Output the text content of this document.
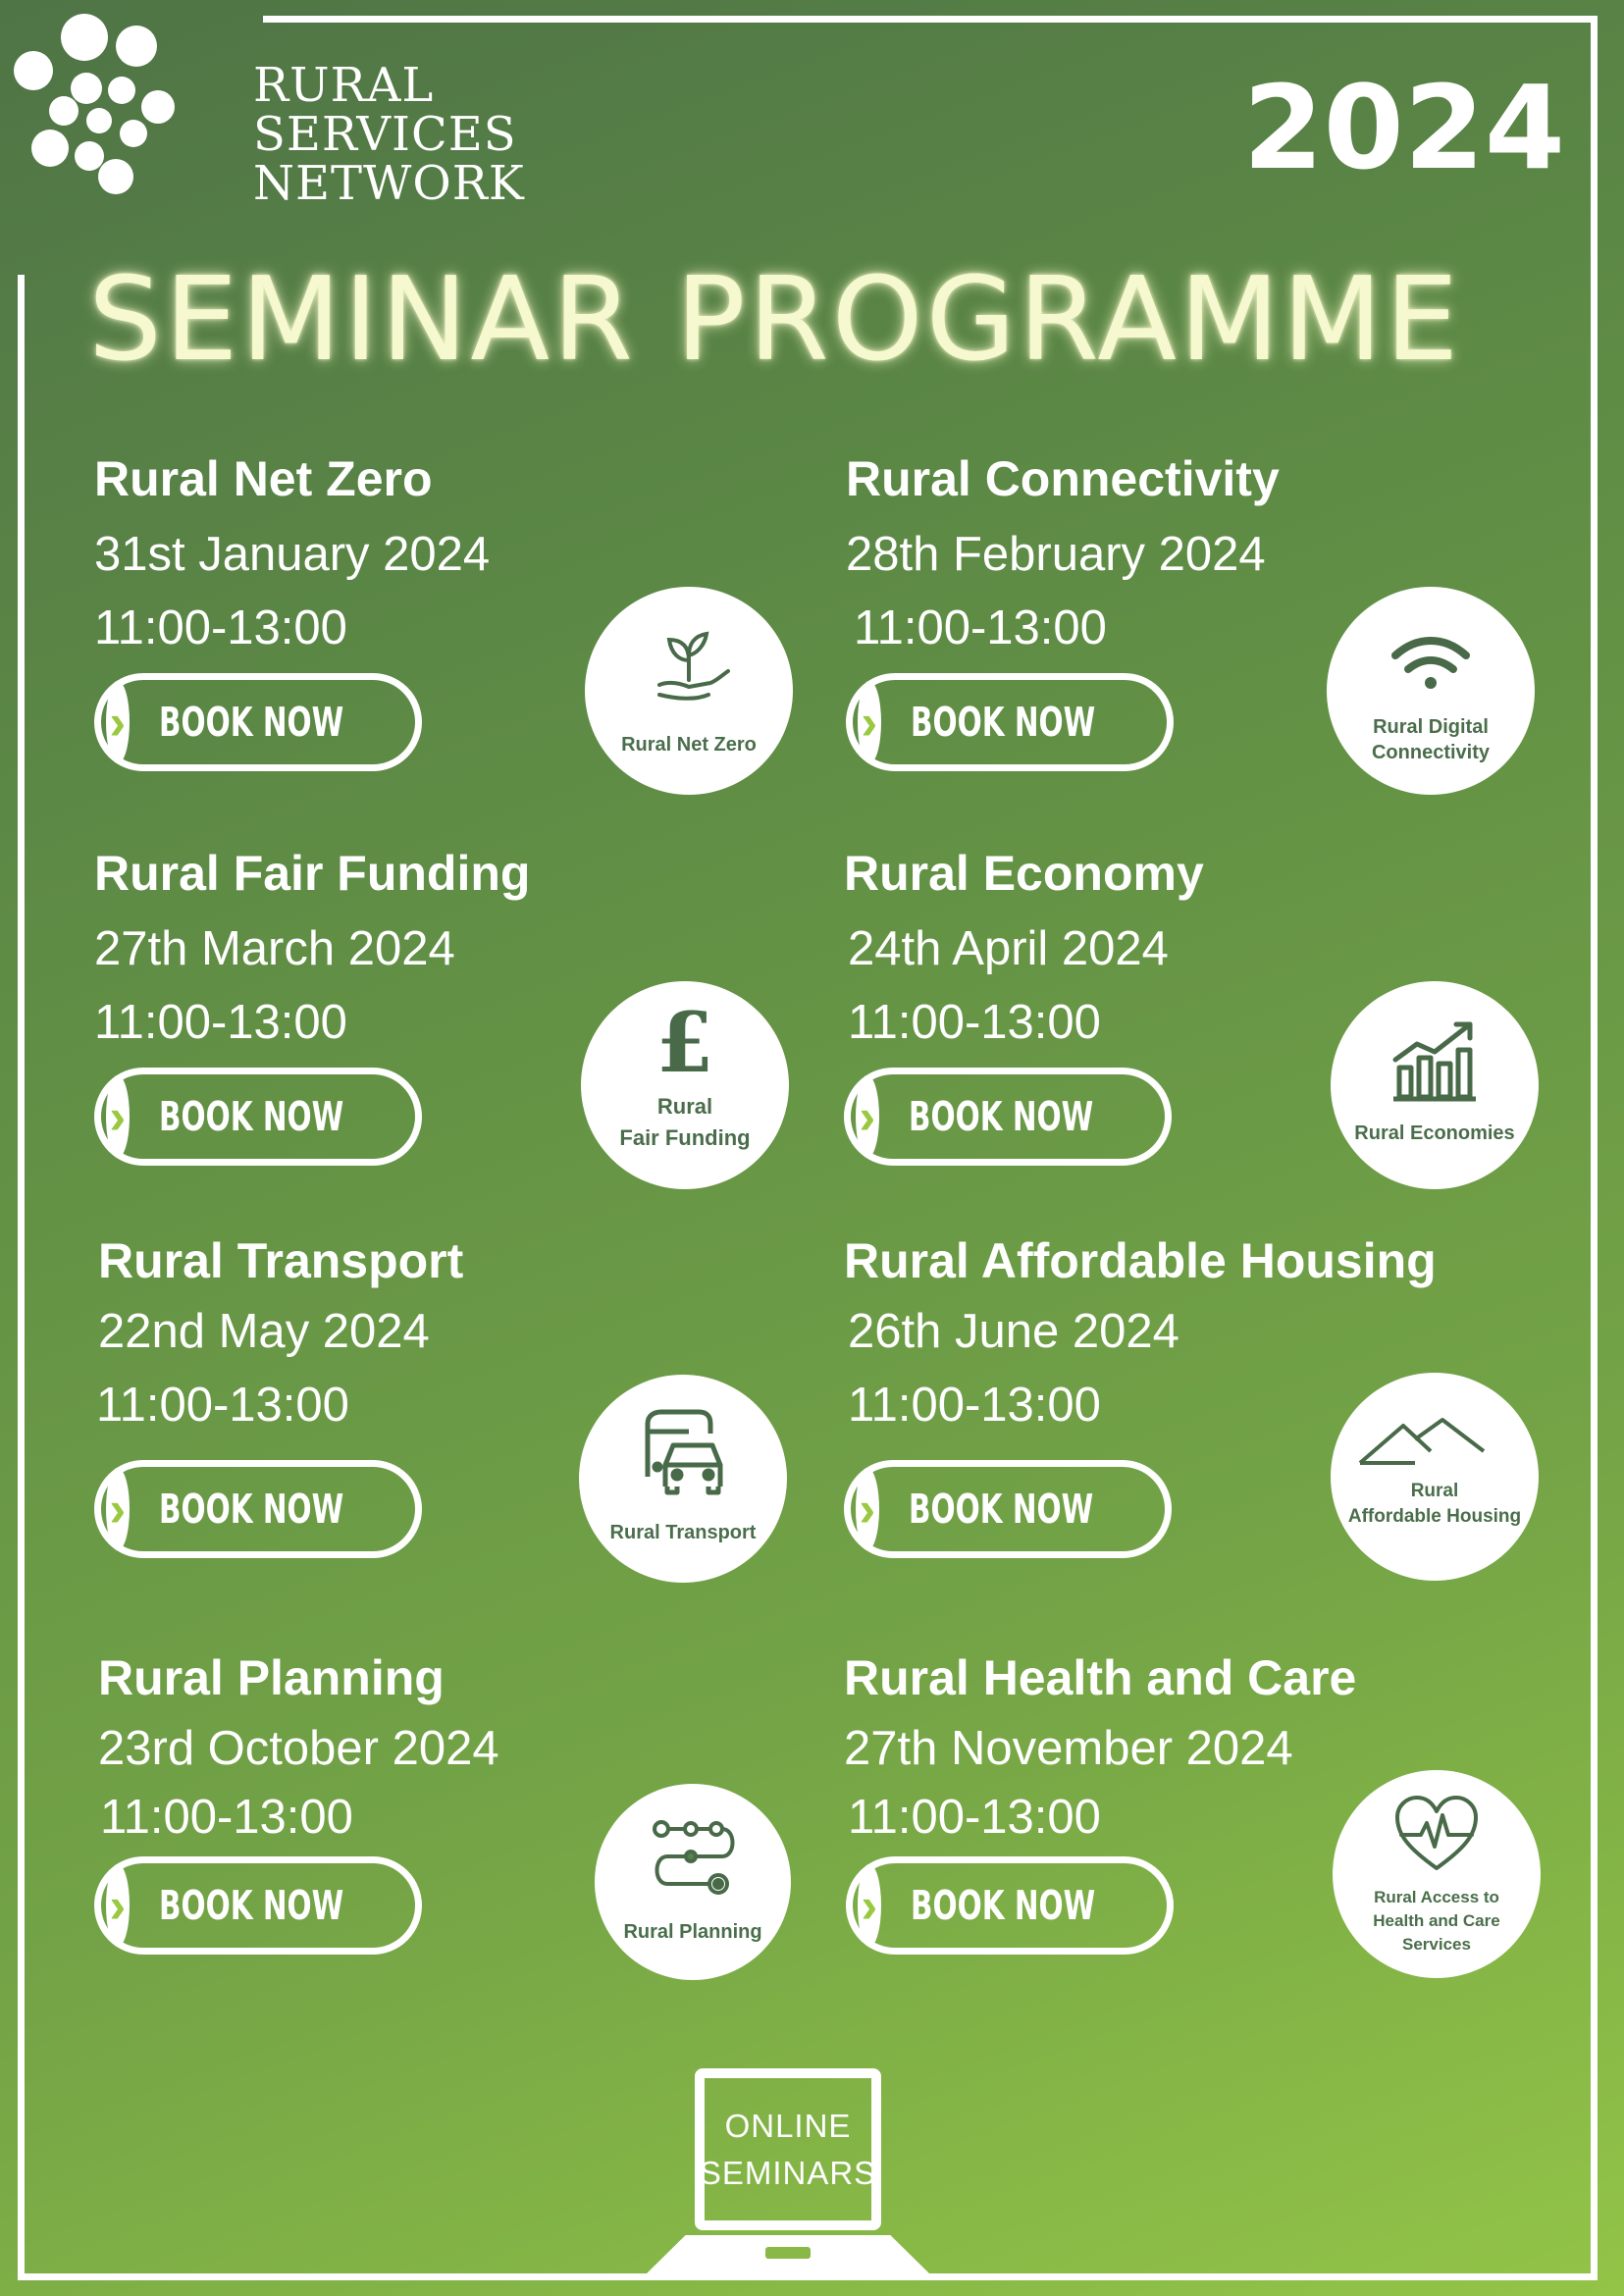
RURAL
SERVICES
NETWORK	2024
SEMINAR PROGRAMME
Rural Net Zero
31st January 2024
11:00-13:00
› BOOK NOW	Rural Net Zero
Rural Connectivity
28th February 2024
11:00-13:00
› BOOK NOW	Rural Digital
Connectivity
Rural Fair Funding
27th March 2024
11:00-13:00
› BOOK NOW
£
Rural
Fair Funding
Rural Economy
24th April 2024
11:00-13:00
› BOOK NOW	Rural Economies
Rural Transport
22nd May 2024
11:00-13:00
› BOOK NOW	Rural Transport
Rural Affordable Housing
26th June 2024
11:00-13:00
› BOOK NOW	Rural
Affordable Housing
Rural Planning
23rd October 2024
11:00-13:00
› BOOK NOW
Rural Planning
Rural Health and Care
27th November 2024
11:00-13:00
› BOOK NOW	Rural Access to
Health and Care
Services
ONLINE
SEMINARS
